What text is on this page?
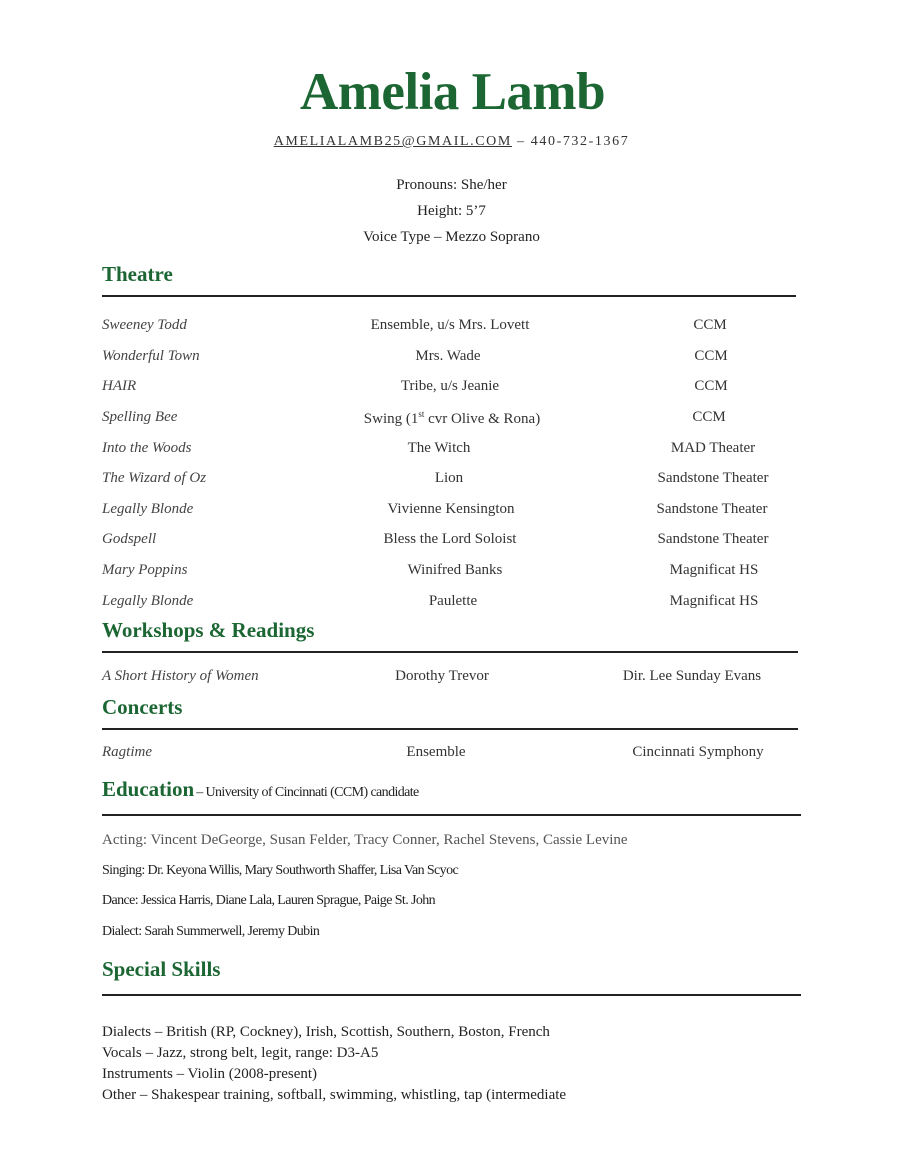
Amelia Lamb
AMELIALAMB25@GMAIL.COM – 440-732-1367
Pronouns: She/her
Height: 5’7
Voice Type – Mezzo Soprano
Theatre
Sweeney Todd	Ensemble, u/s Mrs. Lovett	CCM
Wonderful Town	Mrs. Wade	CCM
HAIR	Tribe, u/s Jeanie	CCM
Spelling Bee	Swing (1st cvr Olive & Rona)	CCM
Into the Woods	The Witch	MAD Theater
The Wizard of Oz	Lion	Sandstone Theater
Legally Blonde	Vivienne Kensington	Sandstone Theater
Godspell	Bless the Lord Soloist	Sandstone Theater
Mary Poppins	Winifred Banks	Magnificat HS
Legally Blonde	Paulette	Magnificat HS
Workshops & Readings
A Short History of Women	Dorothy Trevor	Dir. Lee Sunday Evans
Concerts
Ragtime	Ensemble	Cincinnati Symphony
Education – University of Cincinnati (CCM) candidate
Acting: Vincent DeGeorge, Susan Felder, Tracy Conner, Rachel Stevens, Cassie Levine
Singing: Dr. Keyona Willis, Mary Southworth Shaffer, Lisa Van Scyoc
Dance: Jessica Harris, Diane Lala, Lauren Sprague, Paige St. John
Dialect: Sarah Summerwell, Jeremy Dubin
Special Skills
Dialects – British (RP, Cockney), Irish, Scottish, Southern, Boston, French
Vocals – Jazz, strong belt, legit, range: D3-A5
Instruments – Violin (2008-present)
Other – Shakespear training, softball, swimming, whistling, tap (intermediate
